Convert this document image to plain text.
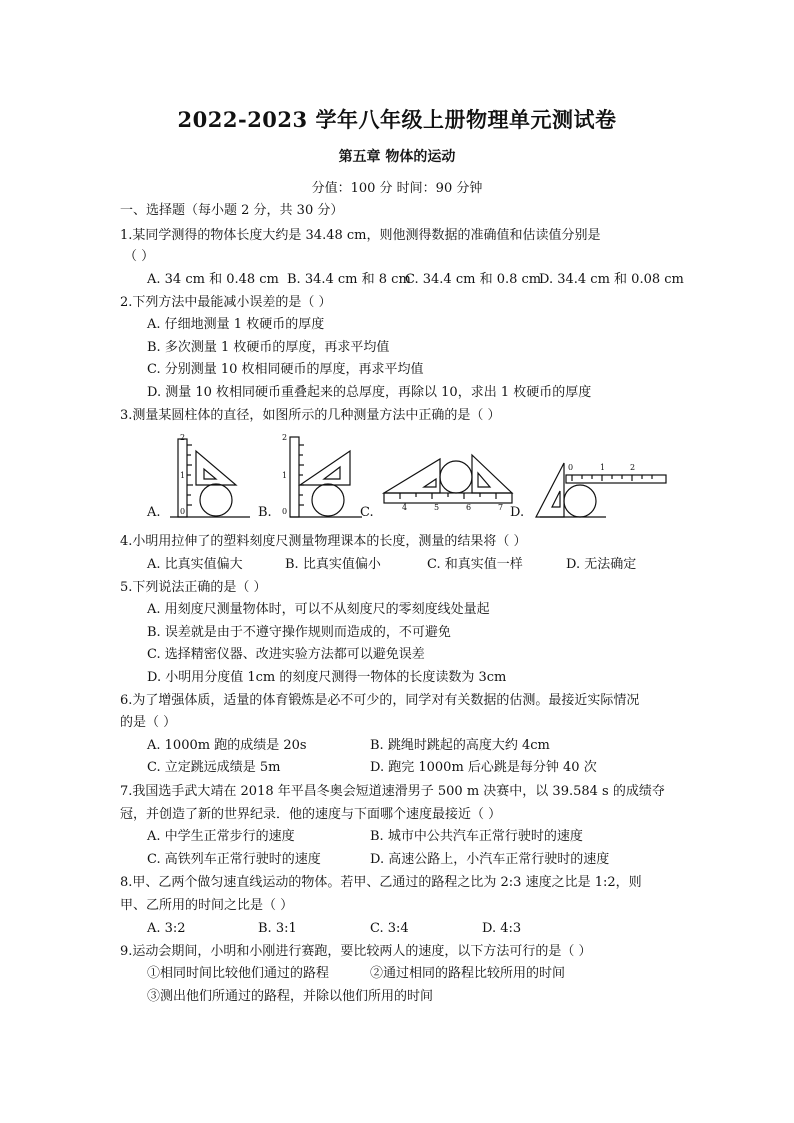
2022-2023 学年八年级上册物理单元测试卷
第五章 物体的运动
分值：100 分 时间：90 分钟
一、选择题（每小题 2 分，共 30 分）
1.某同学测得的物体长度大约是 34.48 cm，则他测得数据的准确值和估读值分别是
（ ）
A. 34 cm 和 0.48 cm B. 34.4 cm 和 8 cm
C. 34.4 cm 和 0.8 cm
D. 34.4 cm 和 0.08 cm
2.下列方法中最能减小误差的是（ ）
A. 仔细地测量 1 枚硬币的厚度
B. 多次测量 1 枚硬币的厚度，再求平均值
C. 分别测量 10 枚相同硬币的厚度，再求平均值
D. 测量 10 枚相同硬币重叠起来的总厚度，再除以 10，求出 1 枚硬币的厚度
3.测量某圆柱体的直径，如图所示的几种测量方法中正确的是（ ）
A.
2
1
0	B.
2
1
0	C.	4	5	6	7 D.
0	1	2
4.小明用拉伸了的塑料刻度尺测量物理课本的长度，测量的结果将（ ）
A. 比真实值偏大	B. 比真实值偏小	C. 和真实值一样	D. 无法确定
5.下列说法正确的是（ ）
A. 用刻度尺测量物体时，可以不从刻度尺的零刻度线处量起
B. 误差就是由于不遵守操作规则而造成的，不可避免
C. 选择精密仪器、改进实验方法都可以避免误差
D. 小明用分度值 1cm 的刻度尺测得一物体的长度读数为 3cm
6.为了增强体质，适量的体育锻炼是必不可少的，同学对有关数据的估测。最接近实际情况
的是（ ）
A. 1000m 跑的成绩是 20s	B. 跳绳时跳起的高度大约 4cm
C. 立定跳远成绩是 5m	D. 跑完 1000m 后心跳是每分钟 40 次
7.我国选手武大靖在 2018 年平昌冬奥会短道速滑男子 500 m 决赛中，以 39.584 s 的成绩夺
冠，并创造了新的世界纪录．他的速度与下面哪个速度最接近（ ）
A. 中学生正常步行的速度	B. 城市中公共汽车正常行驶时的速度
C. 高铁列车正常行驶时的速度	D. 高速公路上，小汽车正常行驶时的速度
8.甲、乙两个做匀速直线运动的物体。若甲、乙通过的路程之比为 2:3 速度之比是 1:2，则
甲、乙所用的时间之比是（ ）
A. 3:2	B. 3:1	C. 3:4	D. 4:3
9.运动会期间，小明和小刚进行赛跑，要比较两人的速度，以下方法可行的是（ ）
①相同时间比较他们通过的路程	②通过相同的路程比较所用的时间
③测出他们所通过的路程，并除以他们所用的时间
